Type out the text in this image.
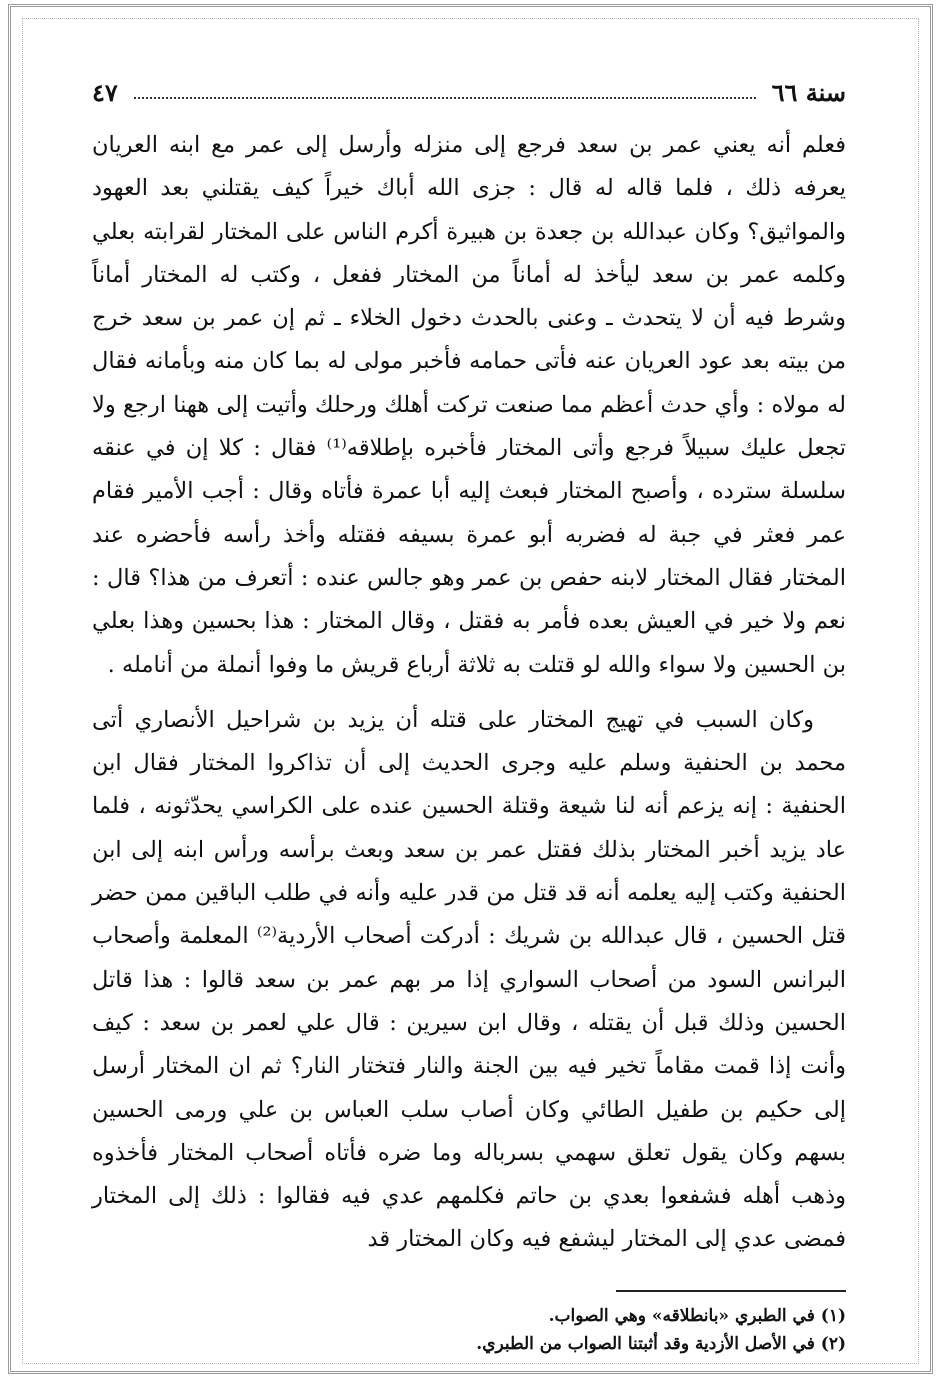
سنة ٦٦
٤٧

فعلم أنه يعني عمر بن سعد فرجع إلى منزله وأرسل إلى عمر مع ابنه العريان يعرفه ذلك ، فلما قاله له قال : جزى الله أباك خيراً كيف يقتلني بعد العهود والمواثيق؟ وكان عبدالله بن جعدة بن هبيرة أكرم الناس على المختار لقرابته بعلي وكلمه عمر بن سعد ليأخذ له أماناً من المختار ففعل ، وكتب له المختار أماناً وشرط فيه أن لا يتحدث ـ وعنى بالحدث دخول الخلاء ـ ثم إن عمر بن سعد خرج من بيته بعد عود العريان عنه فأتى حمامه فأخبر مولى له بما كان منه وبأمانه فقال له مولاه : وأي حدث أعظم مما صنعت تركت أهلك ورحلك وأتيت إلى ههنا ارجع ولا تجعل عليك سبيلاً فرجع وأتى المختار فأخبره بإطلاقه⁽¹⁾ فقال : كلا إن في عنقه سلسلة سترده ، وأصبح المختار فبعث إليه أبا عمرة فأتاه وقال : أجب الأمير فقام عمر فعثر في جبة له فضربه أبو عمرة بسيفه فقتله وأخذ رأسه فأحضره عند المختار فقال المختار لابنه حفص بن عمر وهو جالس عنده : أتعرف من هذا؟ قال : نعم ولا خير في العيش بعده فأمر به فقتل ، وقال المختار : هذا بحسين وهذا بعلي بن الحسين ولا سواء والله لو قتلت به ثلاثة أرباع قريش ما وفوا أنملة من أنامله .

وكان السبب في تهيج المختار على قتله أن يزيد بن شراحيل الأنصاري أتى محمد بن الحنفية وسلم عليه وجرى الحديث إلى أن تذاكروا المختار فقال ابن الحنفية : إنه يزعم أنه لنا شيعة وقتلة الحسين عنده على الكراسي يحدّثونه ، فلما عاد يزيد أخبر المختار بذلك فقتل عمر بن سعد وبعث برأسه ورأس ابنه إلى ابن الحنفية وكتب إليه يعلمه أنه قد قتل من قدر عليه وأنه في طلب الباقين ممن حضر قتل الحسين ، قال عبدالله بن شريك : أدركت أصحاب الأردية⁽²⁾ المعلمة وأصحاب البرانس السود من أصحاب السواري إذا مر بهم عمر بن سعد قالوا : هذا قاتل الحسين وذلك قبل أن يقتله ، وقال ابن سيرين : قال علي لعمر بن سعد : كيف وأنت إذا قمت مقاماً تخير فيه بين الجنة والنار فتختار النار؟ ثم ان المختار أرسل إلى حكيم بن طفيل الطائي وكان أصاب سلب العباس بن علي ورمى الحسين بسهم وكان يقول تعلق سهمي بسرباله وما ضره فأتاه أصحاب المختار فأخذوه وذهب أهله فشفعوا بعدي بن حاتم فكلمهم عدي فيه فقالوا : ذلك إلى المختار فمضى عدي إلى المختار ليشفع فيه وكان المختار قد

(١) في الطبري «بانطلاقه» وهي الصواب.
(٢) في الأصل الأزدية وقد أثبتنا الصواب من الطبري.
